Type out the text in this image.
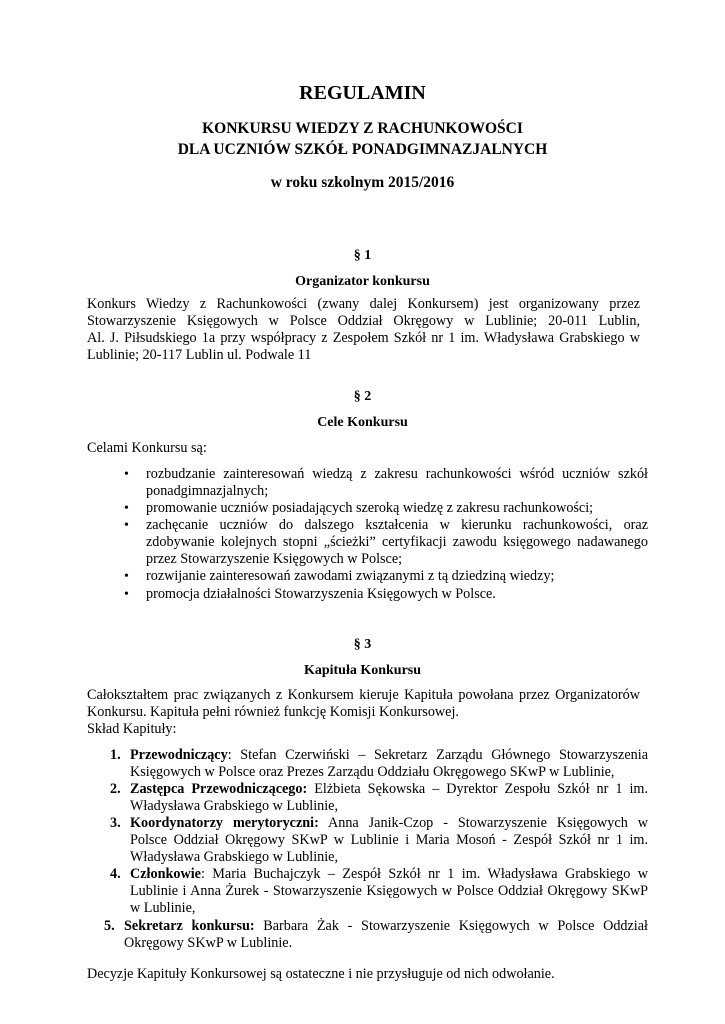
REGULAMIN
KONKURSU WIEDZY Z RACHUNKOWOŚCI
DLA UCZNIÓW SZKÓŁ PONADGIMNAZJALNYCH
w roku szkolnym 2015/2016
§ 1
Organizator konkursu
Konkurs Wiedzy z Rachunkowości (zwany dalej Konkursem) jest organizowany przez
Stowarzyszenie Księgowych w Polsce Oddział Okręgowy w Lublinie; 20-011 Lublin,
Al. J. Piłsudskiego 1a przy współpracy z Zespołem Szkół nr 1 im. Władysława Grabskiego w
Lublinie; 20-117 Lublin ul. Podwale 11
§ 2
Cele Konkursu
Celami Konkursu są:
• rozbudzanie zainteresowań wiedzą z zakresu rachunkowości wśród uczniów szkół
ponadgimnazjalnych;
• promowanie uczniów posiadających szeroką wiedzę z zakresu rachunkowości;
• zachęcanie uczniów do dalszego kształcenia w kierunku rachunkowości, oraz
zdobywanie kolejnych stopni „ścieżki” certyfikacji zawodu księgowego nadawanego
przez Stowarzyszenie Księgowych w Polsce;
• rozwijanie zainteresowań zawodami związanymi z tą dziedziną wiedzy;
• promocja działalności Stowarzyszenia Księgowych w Polsce.
§ 3
Kapituła Konkursu
Całokształtem prac związanych z Konkursem kieruje Kapituła powołana przez Organizatorów
Konkursu. Kapituła pełni również funkcję Komisji Konkursowej.
Skład Kapituły:
1. Przewodniczący: Stefan Czerwiński – Sekretarz Zarządu Głównego Stowarzyszenia
Księgowych w Polsce oraz Prezes Zarządu Oddziału Okręgowego SKwP w Lublinie,
2. Zastępca Przewodniczącego: Elżbieta Sękowska – Dyrektor Zespołu Szkół nr 1 im.
Władysława Grabskiego w Lublinie,
3. Koordynatorzy merytoryczni: Anna Janik-Czop - Stowarzyszenie Księgowych w
Polsce Oddział Okręgowy SKwP w Lublinie i Maria Mosoń - Zespół Szkół nr 1 im.
Władysława Grabskiego w Lublinie,
4. Członkowie: Maria Buchajczyk – Zespół Szkół nr 1 im. Władysława Grabskiego w
Lublinie i Anna Żurek - Stowarzyszenie Księgowych w Polsce Oddział Okręgowy SKwP
w Lublinie,
5. Sekretarz konkursu: Barbara Żak - Stowarzyszenie Księgowych w Polsce Oddział
Okręgowy SKwP w Lublinie.
Decyzje Kapituły Konkursowej są ostateczne i nie przysługuje od nich odwołanie.
